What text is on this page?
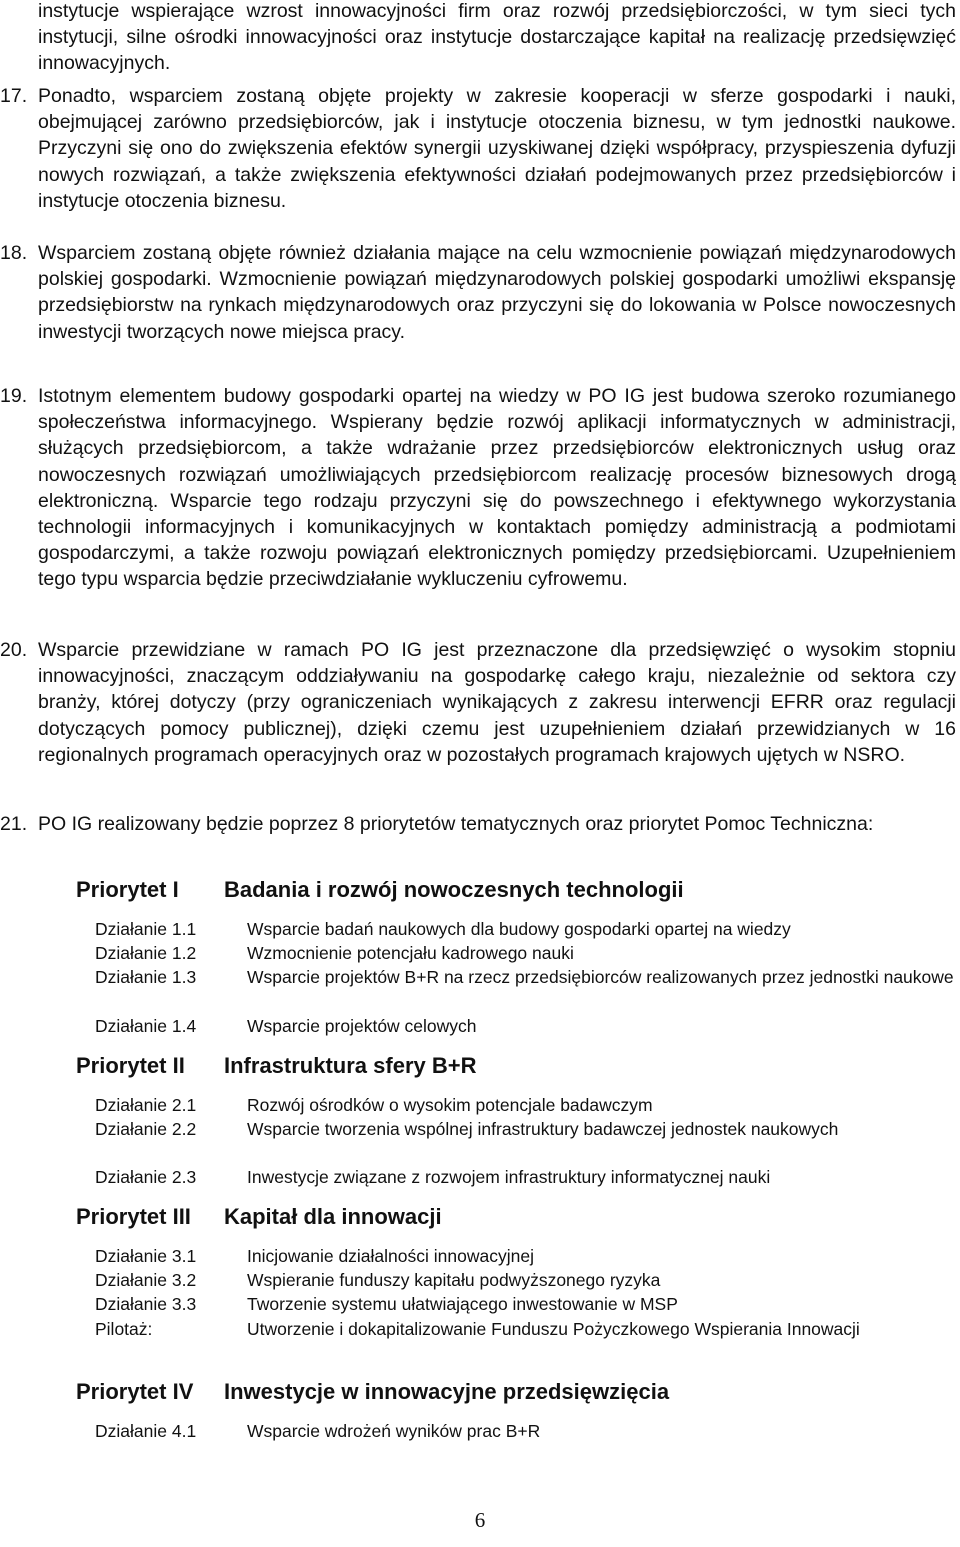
instytucje wspierające wzrost innowacyjności firm oraz rozwój przedsiębiorczości, w tym sieci tych instytucji, silne ośrodki innowacyjności oraz instytucje dostarczające kapitał na realizację przedsięwzięć innowacyjnych.
17. Ponadto, wsparciem zostaną objęte projekty w zakresie kooperacji w sferze gospodarki i nauki, obejmującej zarówno przedsiębiorców, jak i instytucje otoczenia biznesu, w tym jednostki naukowe. Przyczyni się ono do zwiększenia efektów synergii uzyskiwanej dzięki współpracy, przyspieszenia dyfuzji nowych rozwiązań, a także zwiększenia efektywności działań podejmowanych przez przedsiębiorców i instytucje otoczenia biznesu.
18. Wsparciem zostaną objęte również działania mające na celu wzmocnienie powiązań międzynarodowych polskiej gospodarki. Wzmocnienie powiązań międzynarodowych polskiej gospodarki umożliwi ekspansję przedsiębiorstw na rynkach międzynarodowych oraz przyczyni się do lokowania w Polsce nowoczesnych inwestycji tworzących nowe miejsca pracy.
19. Istotnym elementem budowy gospodarki opartej na wiedzy w PO IG jest budowa szeroko rozumianego społeczeństwa informacyjnego. Wspierany będzie rozwój aplikacji informatycznych w administracji, służących przedsiębiorcom, a także wdrażanie przez przedsiębiorców elektronicznych usług oraz nowoczesnych rozwiązań umożliwiających przedsiębiorcom realizację procesów biznesowych drogą elektroniczną. Wsparcie tego rodzaju przyczyni się do powszechnego i efektywnego wykorzystania technologii informacyjnych i komunikacyjnych w kontaktach pomiędzy administracją a podmiotami gospodarczymi, a także rozwoju powiązań elektronicznych pomiędzy przedsiębiorcami. Uzupełnieniem tego typu wsparcia będzie przeciwdziałanie wykluczeniu cyfrowemu.
20. Wsparcie przewidziane w ramach PO IG jest przeznaczone dla przedsięwzięć o wysokim stopniu innowacyjności, znaczącym oddziaływaniu na gospodarkę całego kraju, niezależnie od sektora czy branży, której dotyczy (przy ograniczeniach wynikających z zakresu interwencji EFRR oraz regulacji dotyczących pomocy publicznej), dzięki czemu jest uzupełnieniem działań przewidzianych w 16 regionalnych programach operacyjnych oraz w pozostałych programach krajowych ujętych w NSRO.
21. PO IG realizowany będzie poprzez 8 priorytetów tematycznych oraz priorytet Pomoc Techniczna:
Priorytet I Badania i rozwój nowoczesnych technologii
Działanie 1.1	Wsparcie badań naukowych dla budowy gospodarki opartej na wiedzy
Działanie 1.2	Wzmocnienie potencjału kadrowego nauki
Działanie 1.3	Wsparcie projektów B+R na rzecz przedsiębiorców realizowanych przez jednostki naukowe
Działanie 1.4	Wsparcie projektów celowych
Priorytet II Infrastruktura sfery B+R
Działanie 2.1	Rozwój ośrodków o wysokim potencjale badawczym
Działanie 2.2	Wsparcie tworzenia wspólnej infrastruktury badawczej jednostek naukowych
Działanie 2.3	Inwestycje związane z rozwojem infrastruktury informatycznej nauki
Priorytet III Kapitał dla innowacji
Działanie 3.1	Inicjowanie działalności innowacyjnej
Działanie 3.2	Wspieranie funduszy kapitału podwyższonego ryzyka
Działanie 3.3	Tworzenie systemu ułatwiającego inwestowanie w MSP
Pilotaż:	Utworzenie i dokapitalizowanie Funduszu Pożyczkowego Wspierania Innowacji
Priorytet IV Inwestycje w innowacyjne przedsięwzięcia
Działanie 4.1	Wsparcie wdrożeń wyników prac B+R
6
